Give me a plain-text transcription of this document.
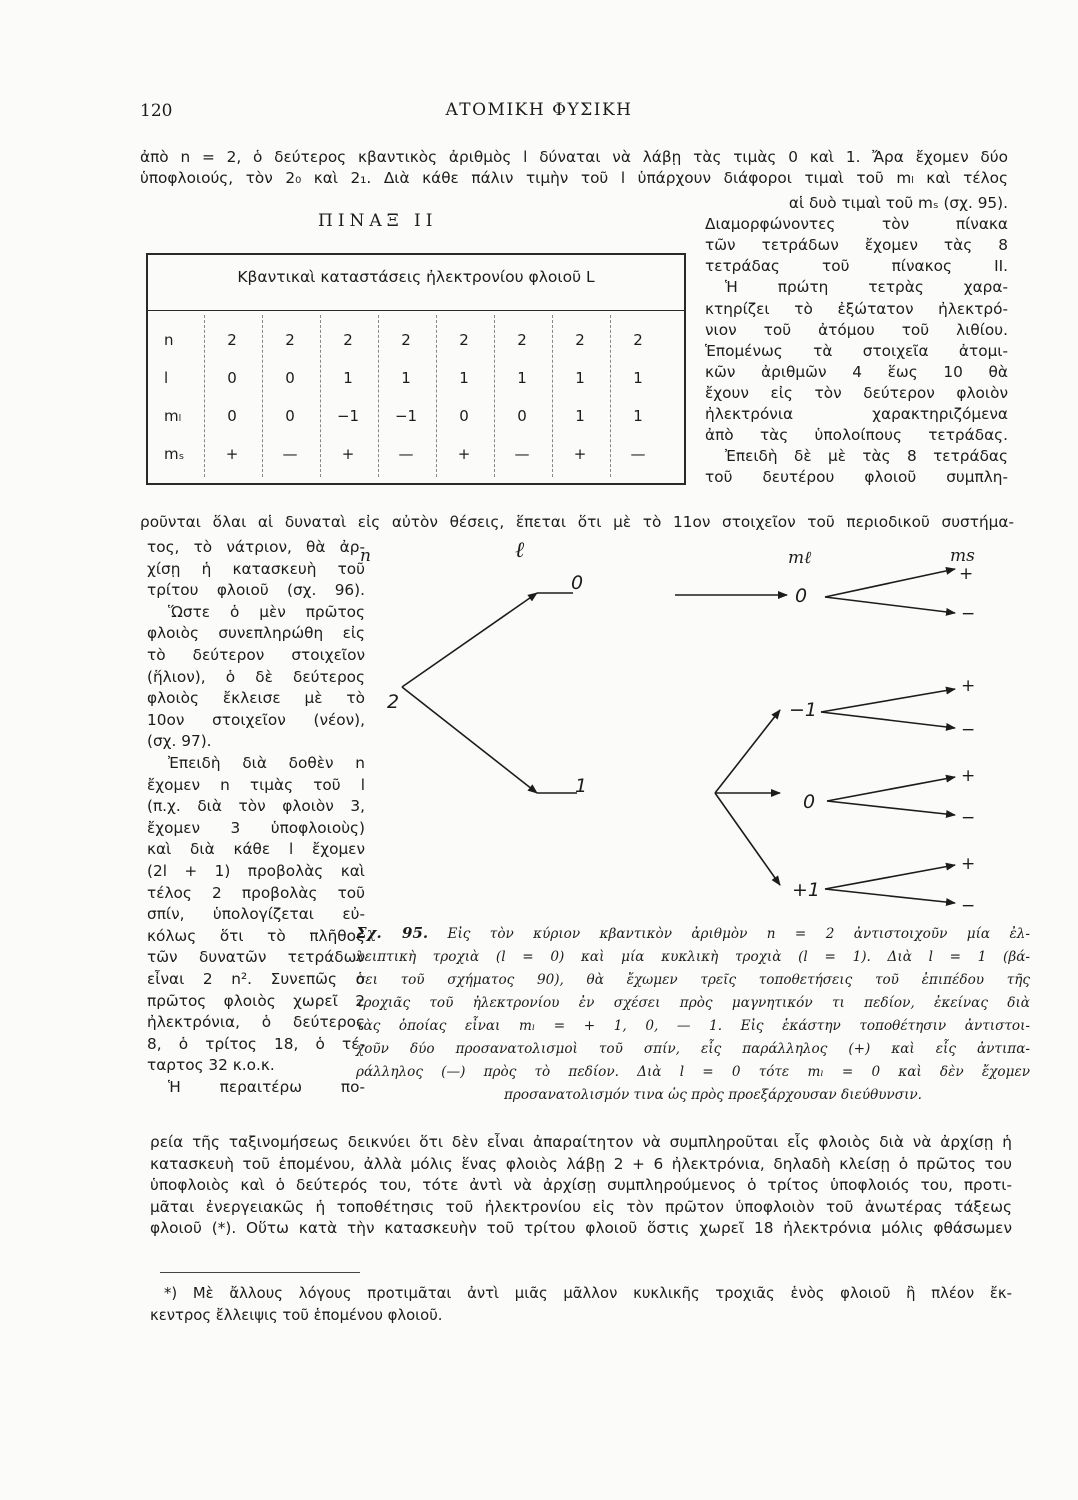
120	ΑΤΟΜΙΚΗ ΦΥΣΙΚΗ
ἀπὸ n = 2, ὁ δεύτερος κβαντικὸς ἀριθμὸς l δύναται νὰ λάβῃ τὰς τιμὰς 0 καὶ 1. Ἄρα ἔχομεν δύο
ὑποφλοιούς, τὸν 2₀ καὶ 2₁. Διὰ κάθε πάλιν τιμὴν τοῦ l ὑπάρχουν διάφοροι τιμαὶ τοῦ mₗ καὶ τέλος
αἱ δυὸ τιμαὶ τοῦ mₛ (σχ. 95).
Διαμορφώνοντες τὸν πίνακα
τῶν τετράδων ἔχομεν τὰς 8
τετράδας τοῦ πίνακος II.
Ἡ πρώτη τετρὰς χαρα-
κτηρίζει τὸ ἐξώτατον ἠλεκτρό-
νιον τοῦ ἀτόμου τοῦ λιθίου.
Ἑπομένως τὰ στοιχεῖα ἀτομι-
κῶν ἀριθμῶν 4 ἕως 10 θὰ
ἔχουν εἰς τὸν δεύτερον φλοιὸν
ἠλεκτρόνια χαρακτηριζόμενα
ἀπὸ τὰς ὑπολοίπους τετράδας.
Ἐπειδὴ δὲ μὲ τὰς 8 τετράδας
τοῦ δευτέρου φλοιοῦ συμπλη-
ΠΙΝΑΞ II
Κβαντικαὶ καταστάσεις ἠλεκτρονίου φλοιοῦ L
n	2	2	2	2	2	2	2	2
l	0	0	1	1	1	1	1	1
mₗ	0	0	−1	−1	0	0	1	1
mₛ	+	—	+	—	+	—	+	—
ροῦνται ὅλαι αἱ δυναταὶ εἰς αὐτὸν θέσεις, ἕπεται ὅτι μὲ τὸ 11ον στοιχεῖον τοῦ περιοδικοῦ συστήμα-
τος, τὸ νάτριον, θὰ ἀρ-
χίσῃ ἡ κατασκευὴ τοῦ
τρίτου φλοιοῦ (σχ. 96).
Ὥστε ὁ μὲν πρῶτος
φλοιὸς συνεπληρώθη εἰς
τὸ δεύτερον στοιχεῖον
(ἥλιον), ὁ δὲ δεύτερος
φλοιὸς ἔκλεισε μὲ τὸ
10ον στοιχεῖον (νέον),
(σχ. 97).
Ἐπειδὴ διὰ δοθὲν n
ἔχομεν n τιμὰς τοῦ l
(π.χ. διὰ τὸν φλοιὸν 3,
ἔχομεν 3 ὑποφλοιοὺς)
καὶ διὰ κάθε l ἔχομεν
(2l + 1) προβολὰς καὶ
τέλος 2 προβολὰς τοῦ
σπίν, ὑπολογίζεται εὐ-
κόλως ὅτι τὸ πλῆθος
τῶν δυνατῶν τετράδων
εἶναι 2 n². Συνεπῶς ὁ
πρῶτος φλοιὸς χωρεῖ 2
ἠλεκτρόνια, ὁ δεύτερος
8, ὁ τρίτος 18, ὁ τέ-
ταρτος 32 κ.ο.κ.
Ἡ περαιτέρω πο-
n	ℓ	mℓ	ms
2
0
1
0
−1
0
+1
+
−
+
−
+
−
+
−
Σχ. 95. Εἰς τὸν κύριον κβαντικὸν ἀριθμὸν n = 2 ἀντιστοιχοῦν μία ἐλ-
λειπτικὴ τροχιὰ (l = 0) καὶ μία κυκλικὴ τροχιὰ (l = 1). Διὰ l = 1 (βά-
σει τοῦ σχήματος 90), θὰ ἔχωμεν τρεῖς τοποθετήσεις τοῦ ἐπιπέδου τῆς
τροχιᾶς τοῦ ἠλεκτρονίου ἐν σχέσει πρὸς μαγνητικόν τι πεδίον, ἐκείνας διὰ
τὰς ὁποίας εἶναι mₗ = + 1, 0, — 1. Εἰς ἑκάστην τοποθέτησιν ἀντιστοι-
χοῦν δύο προσανατολισμοὶ τοῦ σπίν, εἷς παράλληλος (+) καὶ εἷς ἀντιπα-
ράλληλος (—) πρὸς τὸ πεδίον. Διὰ l = 0 τότε mₗ = 0 καὶ δὲν ἔχομεν
προσανατολισμόν τινα ὡς πρὸς προεξάρχουσαν διεύθυνσιν.
ρεία τῆς ταξινομήσεως δεικνύει ὅτι δὲν εἶναι ἀπαραίτητον νὰ συμπληροῦται εἷς φλοιὸς διὰ νὰ ἀρχίσῃ ἡ
κατασκευὴ τοῦ ἑπομένου, ἀλλὰ μόλις ἕνας φλοιὸς λάβῃ 2 + 6 ἠλεκτρόνια, δηλαδὴ κλείσῃ ὁ πρῶτος του
ὑποφλοιὸς καὶ ὁ δεύτερός του, τότε ἀντὶ νὰ ἀρχίσῃ συμπληρούμενος ὁ τρίτος ὑποφλοιός του, προτι-
μᾶται ἐνεργειακῶς ἡ τοποθέτησις τοῦ ἠλεκτρονίου εἰς τὸν πρῶτον ὑποφλοιὸν τοῦ ἀνωτέρας τάξεως
φλοιοῦ (*). Οὕτω κατὰ τὴν κατασκευὴν τοῦ τρίτου φλοιοῦ ὅστις χωρεῖ 18 ἠλεκτρόνια μόλις φθάσωμεν
*) Μὲ ἄλλους λόγους προτιμᾶται ἀντὶ μιᾶς μᾶλλον κυκλικῆς τροχιᾶς ἑνὸς φλοιοῦ ἢ πλέον ἔκ-
κεντρος ἔλλειψις τοῦ ἑπομένου φλοιοῦ.
